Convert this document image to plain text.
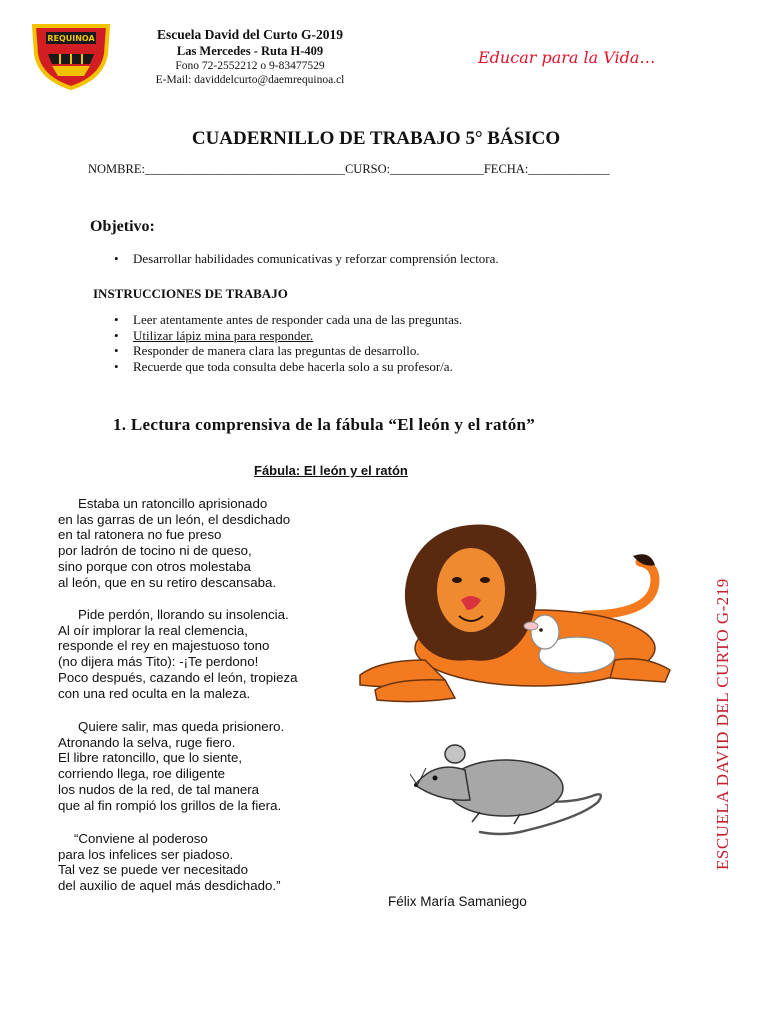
REQUINOA	Escuela David del Curto G-2019
Las Mercedes - Ruta H-409
Fono 72-2552212 o 9-83477529
E-Mail: daviddelcurto@daemrequinoa.cl
Educar para la Vida…
CUADERNILLO DE TRABAJO 5° BÁSICO
NOMBRE:________________________________CURSO:_______________FECHA:_____________
Objetivo:
• Desarrollar habilidades comunicativas y reforzar comprensión lectora.
INSTRUCCIONES DE TRABAJO
• Leer atentamente antes de responder cada una de las preguntas.
• Utilizar lápiz mina para responder.
• Responder de manera clara las preguntas de desarrollo.
• Recuerde que toda consulta debe hacerla solo a su profesor/a.
1. Lectura comprensiva de la fábula “El león y el ratón”
Fábula: El león y el ratón
Estaba un ratoncillo aprisionado
en las garras de un león, el desdichado
en tal ratonera no fue preso
por ladrón de tocino ni de queso,
sino porque con otros molestaba
al león, que en su retiro descansaba.
Pide perdón, llorando su insolencia.
Al oír implorar la real clemencia,
responde el rey en majestuoso tono
(no dijera más Tito): -¡Te perdono!
Poco después, cazando el león, tropieza
con una red oculta en la maleza.
Quiere salir, mas queda prisionero.
Atronando la selva, ruge fiero.
El libre ratoncillo, que lo siente,
corriendo llega, roe diligente
los nudos de la red, de tal manera
que al fin rompió los grillos de la fiera.
“Conviene al poderoso
para los infelices ser piadoso.
Tal vez se puede ver necesitado
del auxilio de aquel más desdichado.”
Félix María Samaniego
ESCUELA DAVID DEL CURTO G-219
